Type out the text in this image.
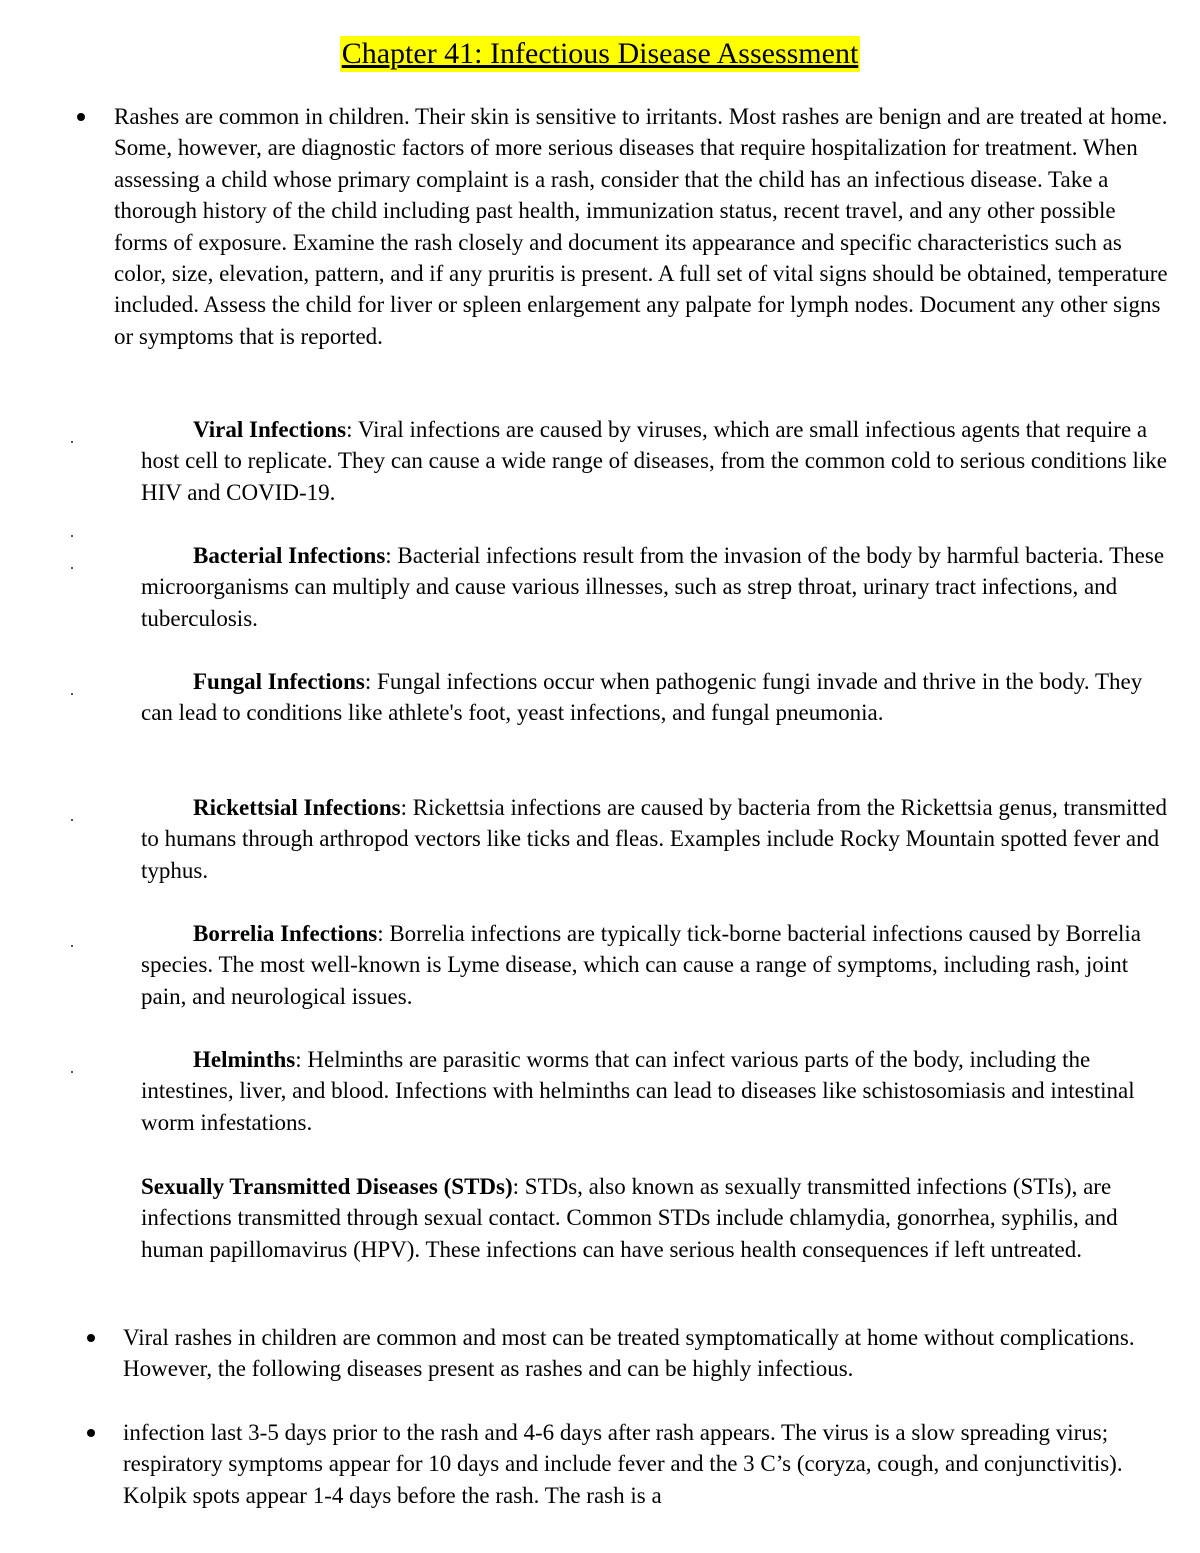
Chapter 41: Infectious Disease Assessment
Rashes are common in children. Their skin is sensitive to irritants. Most rashes are benign and are treated at home. Some, however, are diagnostic factors of more serious diseases that require hospitalization for treatment. When assessing a child whose primary complaint is a rash, consider that the child has an infectious disease. Take a thorough history of the child including past health, immunization status, recent travel, and any other possible forms of exposure. Examine the rash closely and document its appearance and specific characteristics such as color, size, elevation, pattern, and if any pruritis is present. A full set of vital signs should be obtained, temperature included. Assess the child for liver or spleen enlargement any palpate for lymph nodes. Document any other signs or symptoms that is reported.
Viral Infections: Viral infections are caused by viruses, which are small infectious agents that require a host cell to replicate. They can cause a wide range of diseases, from the common cold to serious conditions like HIV and COVID-19.
Bacterial Infections: Bacterial infections result from the invasion of the body by harmful bacteria. These microorganisms can multiply and cause various illnesses, such as strep throat, urinary tract infections, and tuberculosis.
Fungal Infections: Fungal infections occur when pathogenic fungi invade and thrive in the body. They can lead to conditions like athlete's foot, yeast infections, and fungal pneumonia.
Rickettsial Infections: Rickettsia infections are caused by bacteria from the Rickettsia genus, transmitted to humans through arthropod vectors like ticks and fleas. Examples include Rocky Mountain spotted fever and typhus.
Borrelia Infections: Borrelia infections are typically tick-borne bacterial infections caused by Borrelia species. The most well-known is Lyme disease, which can cause a range of symptoms, including rash, joint pain, and neurological issues.
Helminths: Helminths are parasitic worms that can infect various parts of the body, including the intestines, liver, and blood. Infections with helminths can lead to diseases like schistosomiasis and intestinal worm infestations.
Sexually Transmitted Diseases (STDs): STDs, also known as sexually transmitted infections (STIs), are infections transmitted through sexual contact. Common STDs include chlamydia, gonorrhea, syphilis, and human papillomavirus (HPV). These infections can have serious health consequences if left untreated.
Viral rashes in children are common and most can be treated symptomatically at home without complications. However, the following diseases present as rashes and can be highly infectious.
infection last 3-5 days prior to the rash and 4-6 days after rash appears. The virus is a slow spreading virus; respiratory symptoms appear for 10 days and include fever and the 3 C’s (coryza, cough, and conjunctivitis). Kolpik spots appear 1-4 days before the rash. The rash is a
